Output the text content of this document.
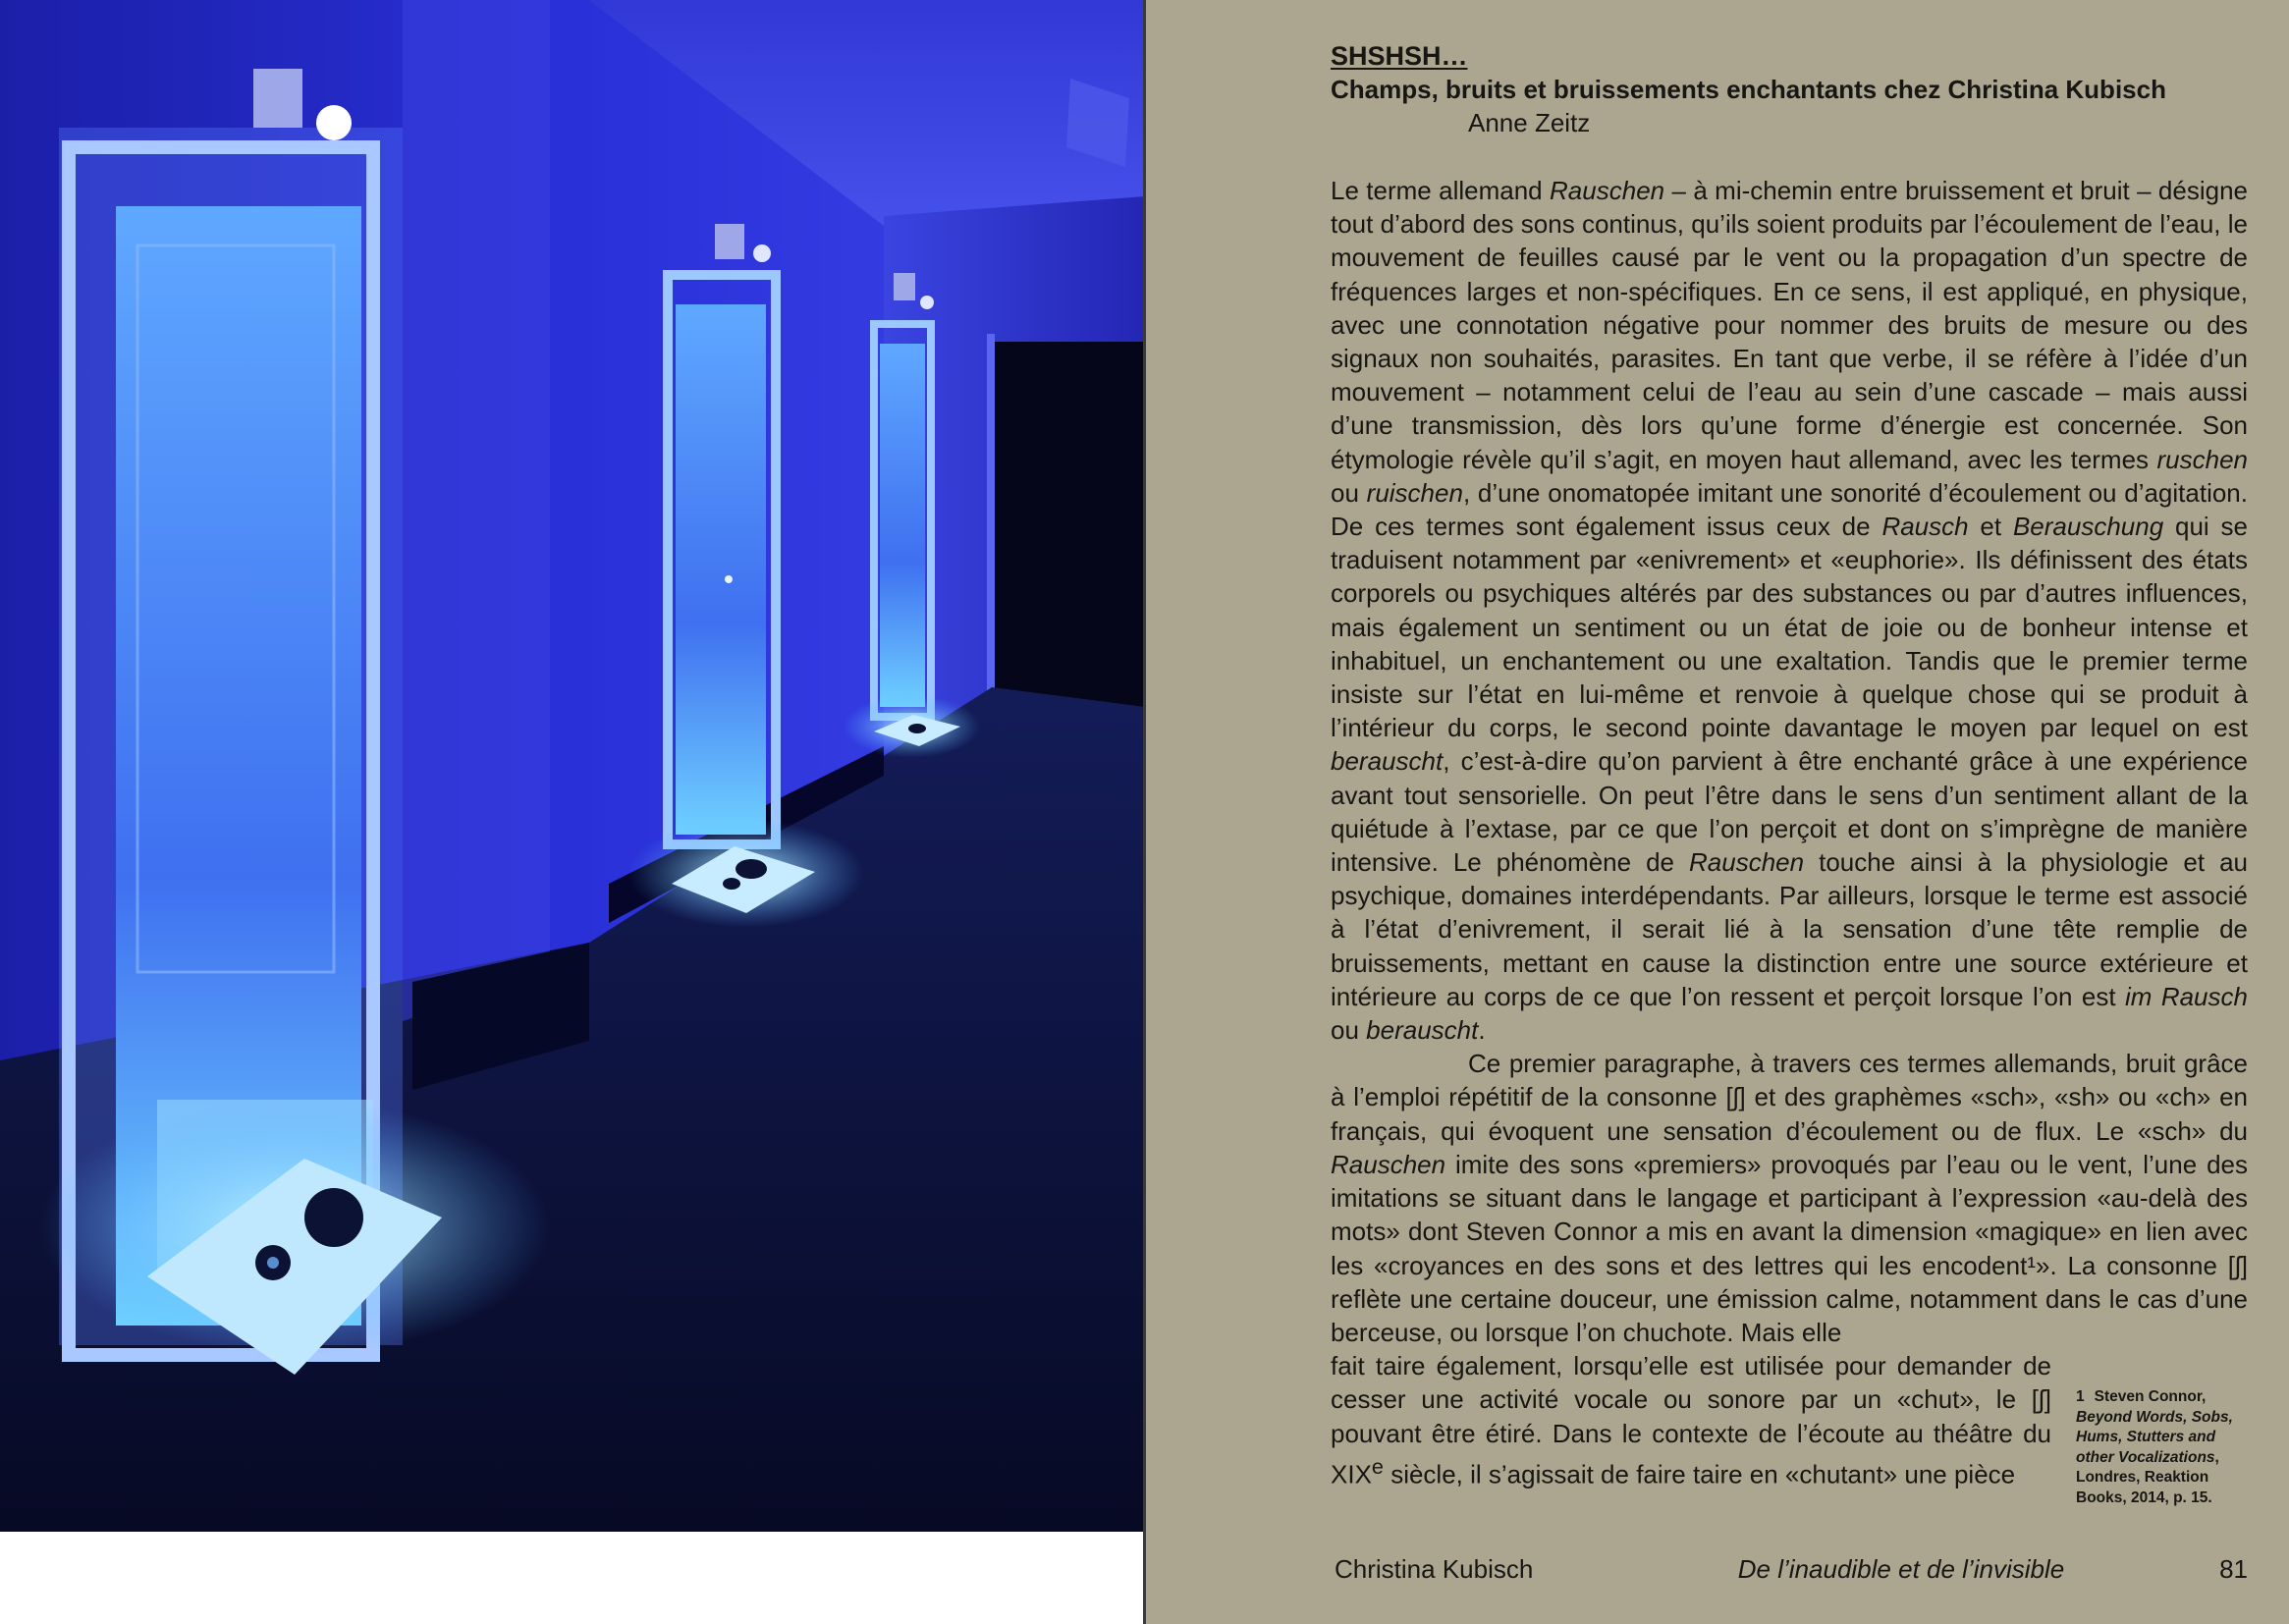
SHSHSH…
Champs, bruits et bruissements enchantants chez Christina Kubisch
Anne Zeitz

Le terme allemand Rauschen – à mi-chemin entre bruissement et bruit – désigne tout d’abord des sons continus, qu’ils soient produits par l’écoulement de l’eau, le mouvement de feuilles causé par le vent ou la propagation d’un spectre de fréquences larges et non-spécifiques. En ce sens, il est appliqué, en physique, avec une connotation négative pour nommer des bruits de mesure ou des signaux non souhaités, parasites. En tant que verbe, il se réfère à l’idée d’un mouvement – notamment celui de l’eau au sein d’une cascade – mais aussi d’une transmission, dès lors qu’une forme d’énergie est concernée. Son étymologie révèle qu’il s’agit, en moyen haut allemand, avec les termes ruschen ou ruischen, d’une onomatopée imitant une sonorité d’écoulement ou d’agitation. De ces termes sont également issus ceux de Rausch et Berauschung qui se traduisent notamment par «enivrement» et «euphorie». Ils définissent des états corporels ou psychiques altérés par des substances ou par d’autres influences, mais également un sentiment ou un état de joie ou de bonheur intense et inhabituel, un enchantement ou une exaltation. Tandis que le premier terme insiste sur l’état en lui-même et renvoie à quelque chose qui se produit à l’intérieur du corps, le second pointe davantage le moyen par lequel on est berauscht, c’est-à-dire qu’on parvient à être enchanté grâce à une expérience avant tout sensorielle. On peut l’être dans le sens d’un sentiment allant de la quiétude à l’extase, par ce que l’on perçoit et dont on s’imprègne de manière intensive. Le phénomène de Rauschen touche ainsi à la physiologie et au psychique, domaines interdépendants. Par ailleurs, lorsque le terme est associé à l’état d’enivrement, il serait lié à la sensation d’une tête remplie de bruissements, mettant en cause la distinction entre une source extérieure et intérieure au corps de ce que l’on ressent et perçoit lorsque l’on est im Rausch ou berauscht.

Ce premier paragraphe, à travers ces termes allemands, bruit grâce à l’emploi répétitif de la consonne [ʃ] et des graphèmes «sch», «sh» ou «ch» en français, qui évoquent une sensation d’écoulement ou de flux. Le «sch» du Rauschen imite des sons «premiers» provoqués par l’eau ou le vent, l’une des imitations se situant dans le langage et participant à l’expression «au-delà des mots» dont Steven Connor a mis en avant la dimension «magique» en lien avec les «croyances en des sons et des lettres qui les encodent¹». La consonne [ʃ] reflète une certaine douceur, une émission calme, notamment dans le cas d’une berceuse, ou lorsque l’on chuchote. Mais elle

fait taire également, lorsqu’elle est utilisée pour demander de cesser une activité vocale ou sonore par un «chut», le [ʃ] pouvant être étiré. Dans le contexte de l’écoute au théâtre du XIXe siècle, il s’agissait de faire taire en «chutant» une pièce

1 Steven Connor, Beyond Words, Sobs, Hums, Stutters and other Vocalizations, Londres, Reaktion Books, 2014, p. 15.
Christina Kubisch	De l’inaudible et de l’invisible	81
